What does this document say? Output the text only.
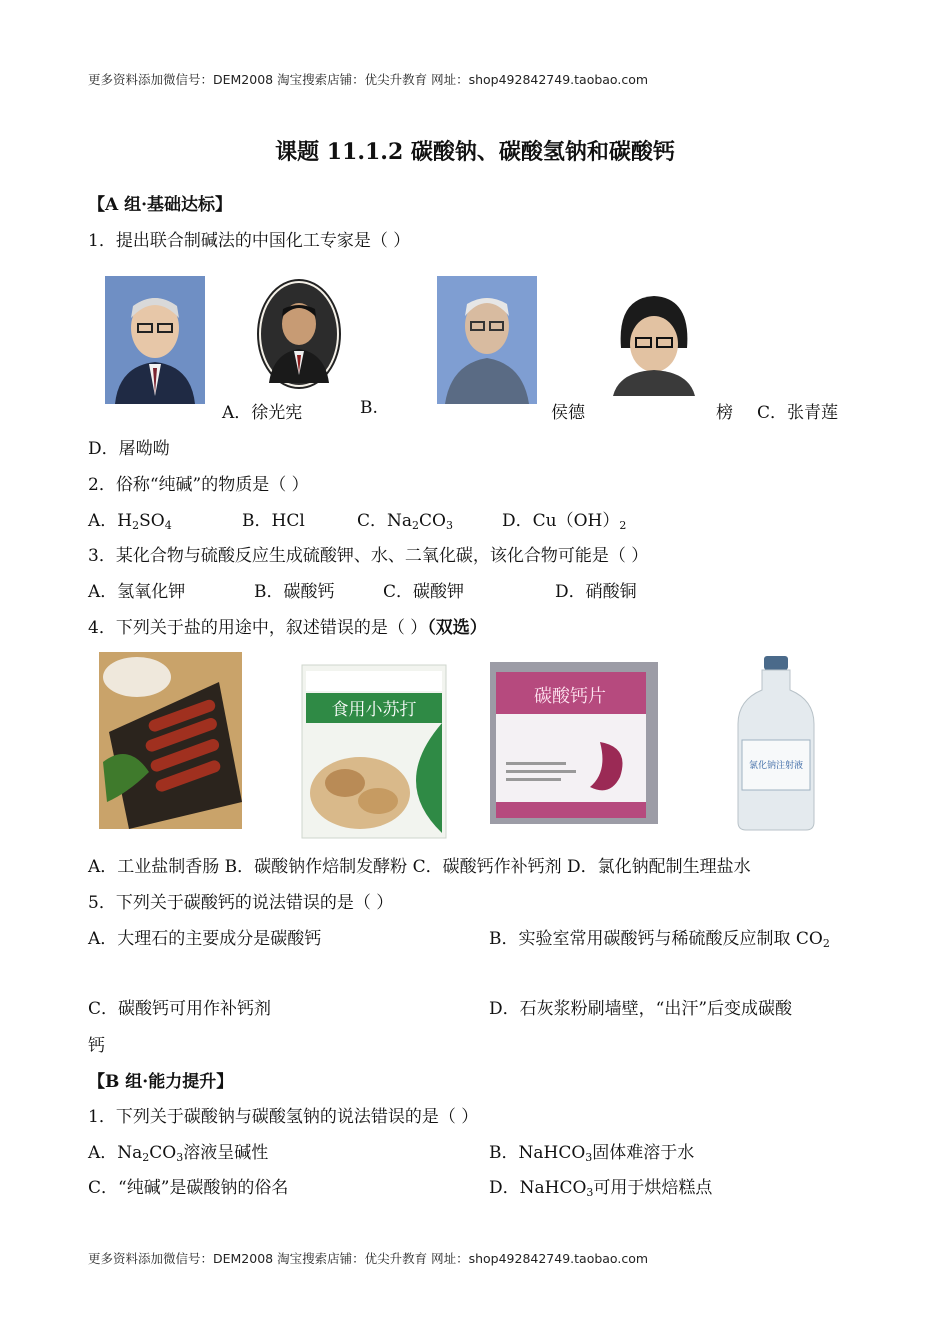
更多资料添加微信号：DEM2008 淘宝搜索店铺：优尖升教育 网址：shop492842749.taobao.com
课题 11.1.2 碳酸钠、碳酸氢钠和碳酸钙
【A 组·基础达标】
1．提出联合制碱法的中国化工专家是（ ）
A．徐光宪	B.	侯德	榜 C．张青莲
D．屠呦呦
2．俗称“纯碱”的物质是（ ）
A．$H_2SO_4$	B．HCl	C．$Na_2CO_3$	D．$Cu(OH)_2$
3．某化合物与硫酸反应生成硫酸钾、水、二氧化碳，该化合物可能是（ ）
A．氢氧化钾	B．碳酸钙	C．碳酸钾	D．硝酸铜
4．下列关于盐的用途中，叙述错误的是（ ）（双选）
食用小苏打
碳酸钙片
氯化钠注射液
A．工业盐制香肠 B．碳酸钠作焙制发酵粉 C．碳酸钙作补钙剂 D．氯化钠配制生理盐水
5．下列关于碳酸钙的说法错误的是（ ）
A．大理石的主要成分是碳酸钙	B．实验室常用碳酸钙与稀硫酸反应制取 $CO_2$
C．碳酸钙可用作补钙剂	D．石灰浆粉刷墙壁，“出汗”后变成碳酸
钙
【B 组·能力提升】
1．下列关于碳酸钠与碳酸氢钠的说法错误的是（ ）
A．$Na_2CO_3$溶液呈碱性	B．NaHCO$_3$固体难溶于水
C．“纯碱”是碳酸钠的俗名	D．NaHCO$_3$可用于烘焙糕点
更多资料添加微信号：DEM2008 淘宝搜索店铺：优尖升教育 网址：shop492842749.taobao.com
